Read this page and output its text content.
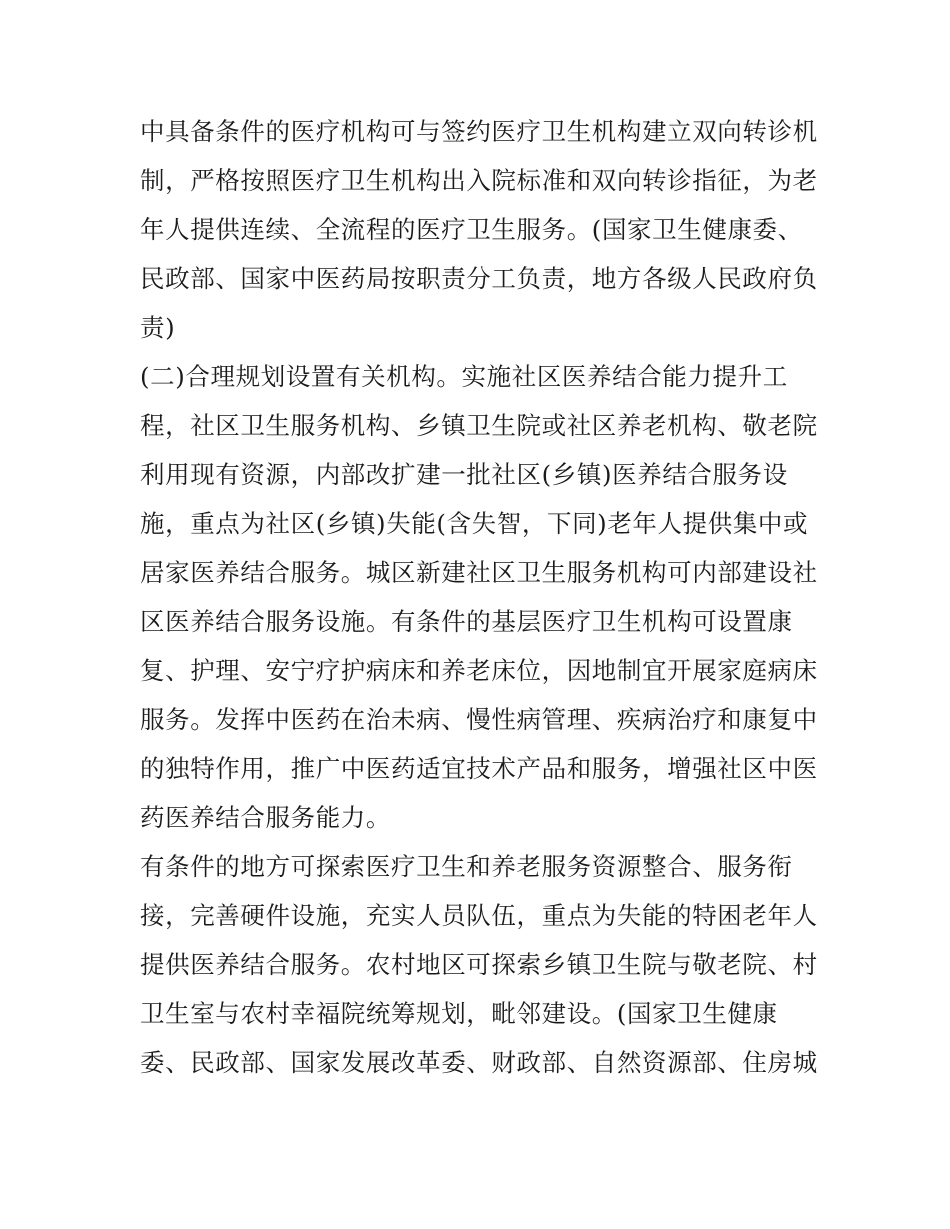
中具备条件的医疗机构可与签约医疗卫生机构建立双向转诊机
制，严格按照医疗卫生机构出入院标准和双向转诊指征，为老
年人提供连续、全流程的医疗卫生服务。(国家卫生健康委、
民政部、国家中医药局按职责分工负责，地方各级人民政府负
责)
(二)合理规划设置有关机构。实施社区医养结合能力提升工
程，社区卫生服务机构、乡镇卫生院或社区养老机构、敬老院
利用现有资源，内部改扩建一批社区(乡镇)医养结合服务设
施，重点为社区(乡镇)失能(含失智，下同)老年人提供集中或
居家医养结合服务。城区新建社区卫生服务机构可内部建设社
区医养结合服务设施。有条件的基层医疗卫生机构可设置康
复、护理、安宁疗护病床和养老床位，因地制宜开展家庭病床
服务。发挥中医药在治未病、慢性病管理、疾病治疗和康复中
的独特作用，推广中医药适宜技术产品和服务，增强社区中医
药医养结合服务能力。
有条件的地方可探索医疗卫生和养老服务资源整合、服务衔
接，完善硬件设施，充实人员队伍，重点为失能的特困老年人
提供医养结合服务。农村地区可探索乡镇卫生院与敬老院、村
卫生室与农村幸福院统筹规划，毗邻建设。(国家卫生健康
委、民政部、国家发展改革委、财政部、自然资源部、住房城
